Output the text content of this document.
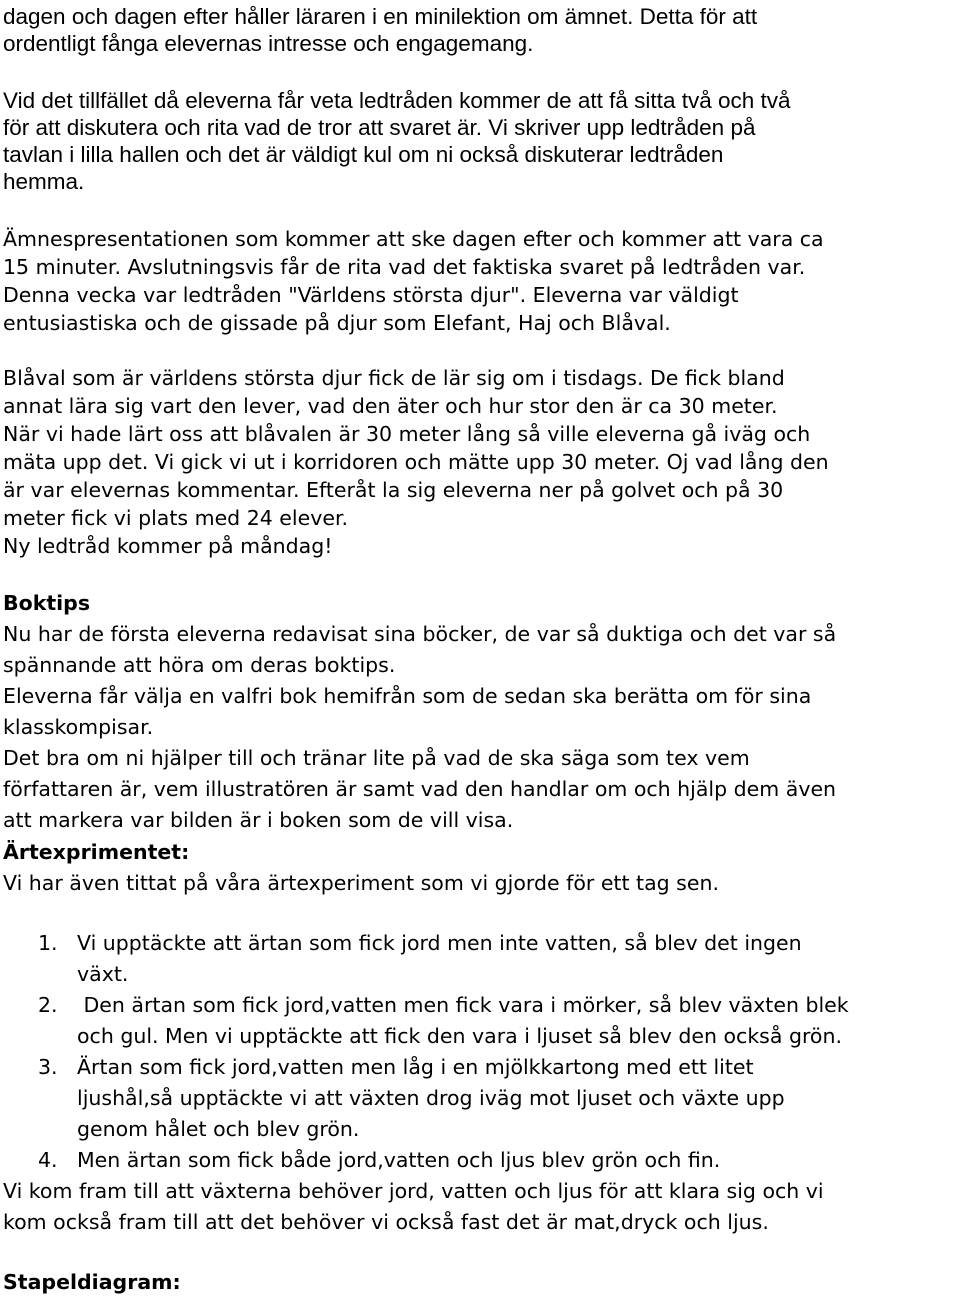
dagen och dagen efter håller läraren i en minilektion om ämnet. Detta för att
ordentligt fånga elevernas intresse och engagemang.
Vid det tillfället då eleverna får veta ledtråden kommer de att få sitta två och två
för att diskutera och rita vad de tror att svaret är. Vi skriver upp ledtråden på
tavlan i lilla hallen och det är väldigt kul om ni också diskuterar ledtråden
hemma.
Ämnespresentationen som kommer att ske dagen efter och kommer att vara ca
15 minuter. Avslutningsvis får de rita vad det faktiska svaret på ledtråden var.
Denna vecka var ledtråden "Världens största djur". Eleverna var väldigt
entusiastiska och de gissade på djur som Elefant, Haj och Blåval.
Blåval som är världens största djur fick de lär sig om i tisdags. De fick bland
annat lära sig vart den lever, vad den äter och hur stor den är ca 30 meter.
När vi hade lärt oss att blåvalen är 30 meter lång så ville eleverna gå iväg och
mäta upp det. Vi gick vi ut i korridoren och mätte upp 30 meter. Oj vad lång den
är var elevernas kommentar. Efteråt la sig eleverna ner på golvet och på 30
meter fick vi plats med 24 elever.
Ny ledtråd kommer på måndag!
Boktips
Nu har de första eleverna redavisat sina böcker, de var så duktiga och det var så
spännande att höra om deras boktips.
Eleverna får välja en valfri bok hemifrån som de sedan ska berätta om för sina
klasskompisar.
Det bra om ni hjälper till och tränar lite på vad de ska säga som tex vem
författaren är, vem illustratören är samt vad den handlar om och hjälp dem även
att markera var bilden är i boken som de vill visa.
Ärtexprimentet:
Vi har även tittat på våra ärtexperiment som vi gjorde för ett tag sen.
1. Vi upptäckte att ärtan som fick jord men inte vatten, så blev det ingen
växt.
2. Den ärtan som fick jord,vatten men fick vara i mörker, så blev växten blek
och gul. Men vi upptäckte att fick den vara i ljuset så blev den också grön.
3. Ärtan som fick jord,vatten men låg i en mjölkkartong med ett litet
ljushål,så upptäckte vi att växten drog iväg mot ljuset och växte upp
genom hålet och blev grön.
4. Men ärtan som fick både jord,vatten och ljus blev grön och fin.
Vi kom fram till att växterna behöver jord, vatten och ljus för att klara sig och vi
kom också fram till att det behöver vi också fast det är mat,dryck och ljus.
Stapeldiagram:
